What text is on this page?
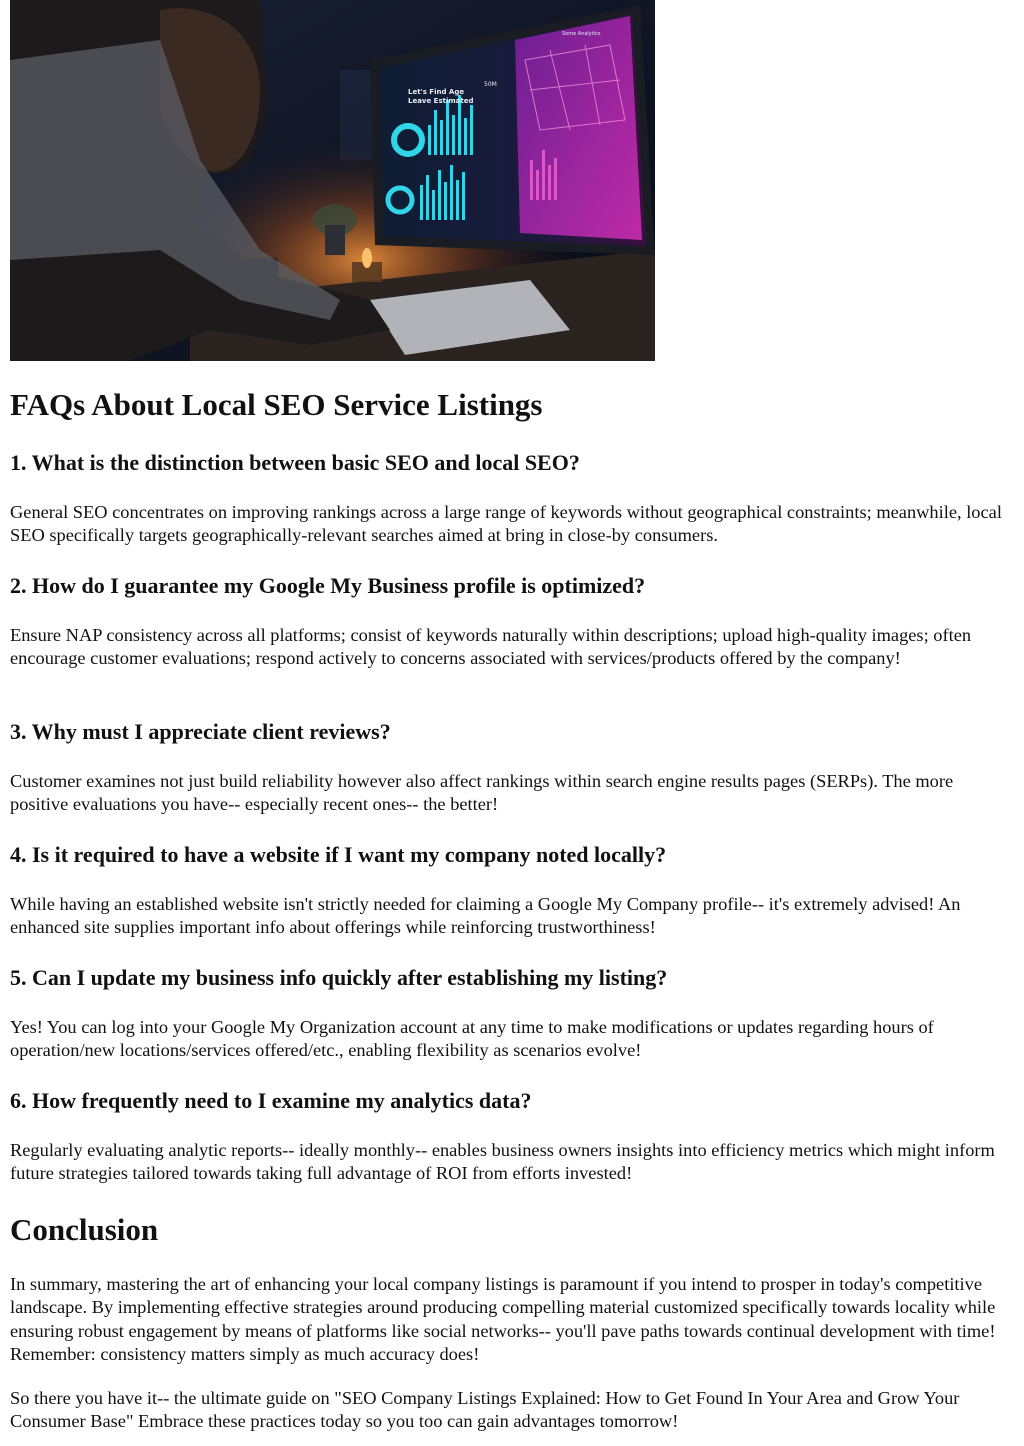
Let's Find Age
Leave Estimated
50M
Some Analytics
FAQs About Local SEO Service Listings
1. What is the distinction between basic SEO and local SEO?

General SEO concentrates on improving rankings across a large range of keywords without geographical constraints; meanwhile, local SEO specifically targets geographically-relevant searches aimed at bring in close-by consumers.

2. How do I guarantee my Google My Business profile is optimized?

Ensure NAP consistency across all platforms; consist of keywords naturally within descriptions; upload high-quality images; often encourage customer evaluations; respond actively to concerns associated with services/products offered by the company!

3. Why must I appreciate client reviews?

Customer examines not just build reliability however also affect rankings within search engine results pages (SERPs). The more positive evaluations you have-- especially recent ones-- the better!

4. Is it required to have a website if I want my company noted locally?

While having an established website isn't strictly needed for claiming a Google My Company profile-- it's extremely advised! An enhanced site supplies important info about offerings while reinforcing trustworthiness!

5. Can I update my business info quickly after establishing my listing?

Yes! You can log into your Google My Organization account at any time to make modifications or updates regarding hours of operation/new locations/services offered/etc., enabling flexibility as scenarios evolve!

6. How frequently need to I examine my analytics data?

Regularly evaluating analytic reports-- ideally monthly-- enables business owners insights into efficiency metrics which might inform future strategies tailored towards taking full advantage of ROI from efforts invested!

Conclusion

In summary, mastering the art of enhancing your local company listings is paramount if you intend to prosper in today's competitive landscape. By implementing effective strategies around producing compelling material customized specifically towards locality while ensuring robust engagement by means of platforms like social networks-- you'll pave paths towards continual development with time! Remember: consistency matters simply as much accuracy does!

So there you have it-- the ultimate guide on "SEO Company Listings Explained: How to Get Found In Your Area and Grow Your Consumer Base" Embrace these practices today so you too can gain advantages tomorrow!
